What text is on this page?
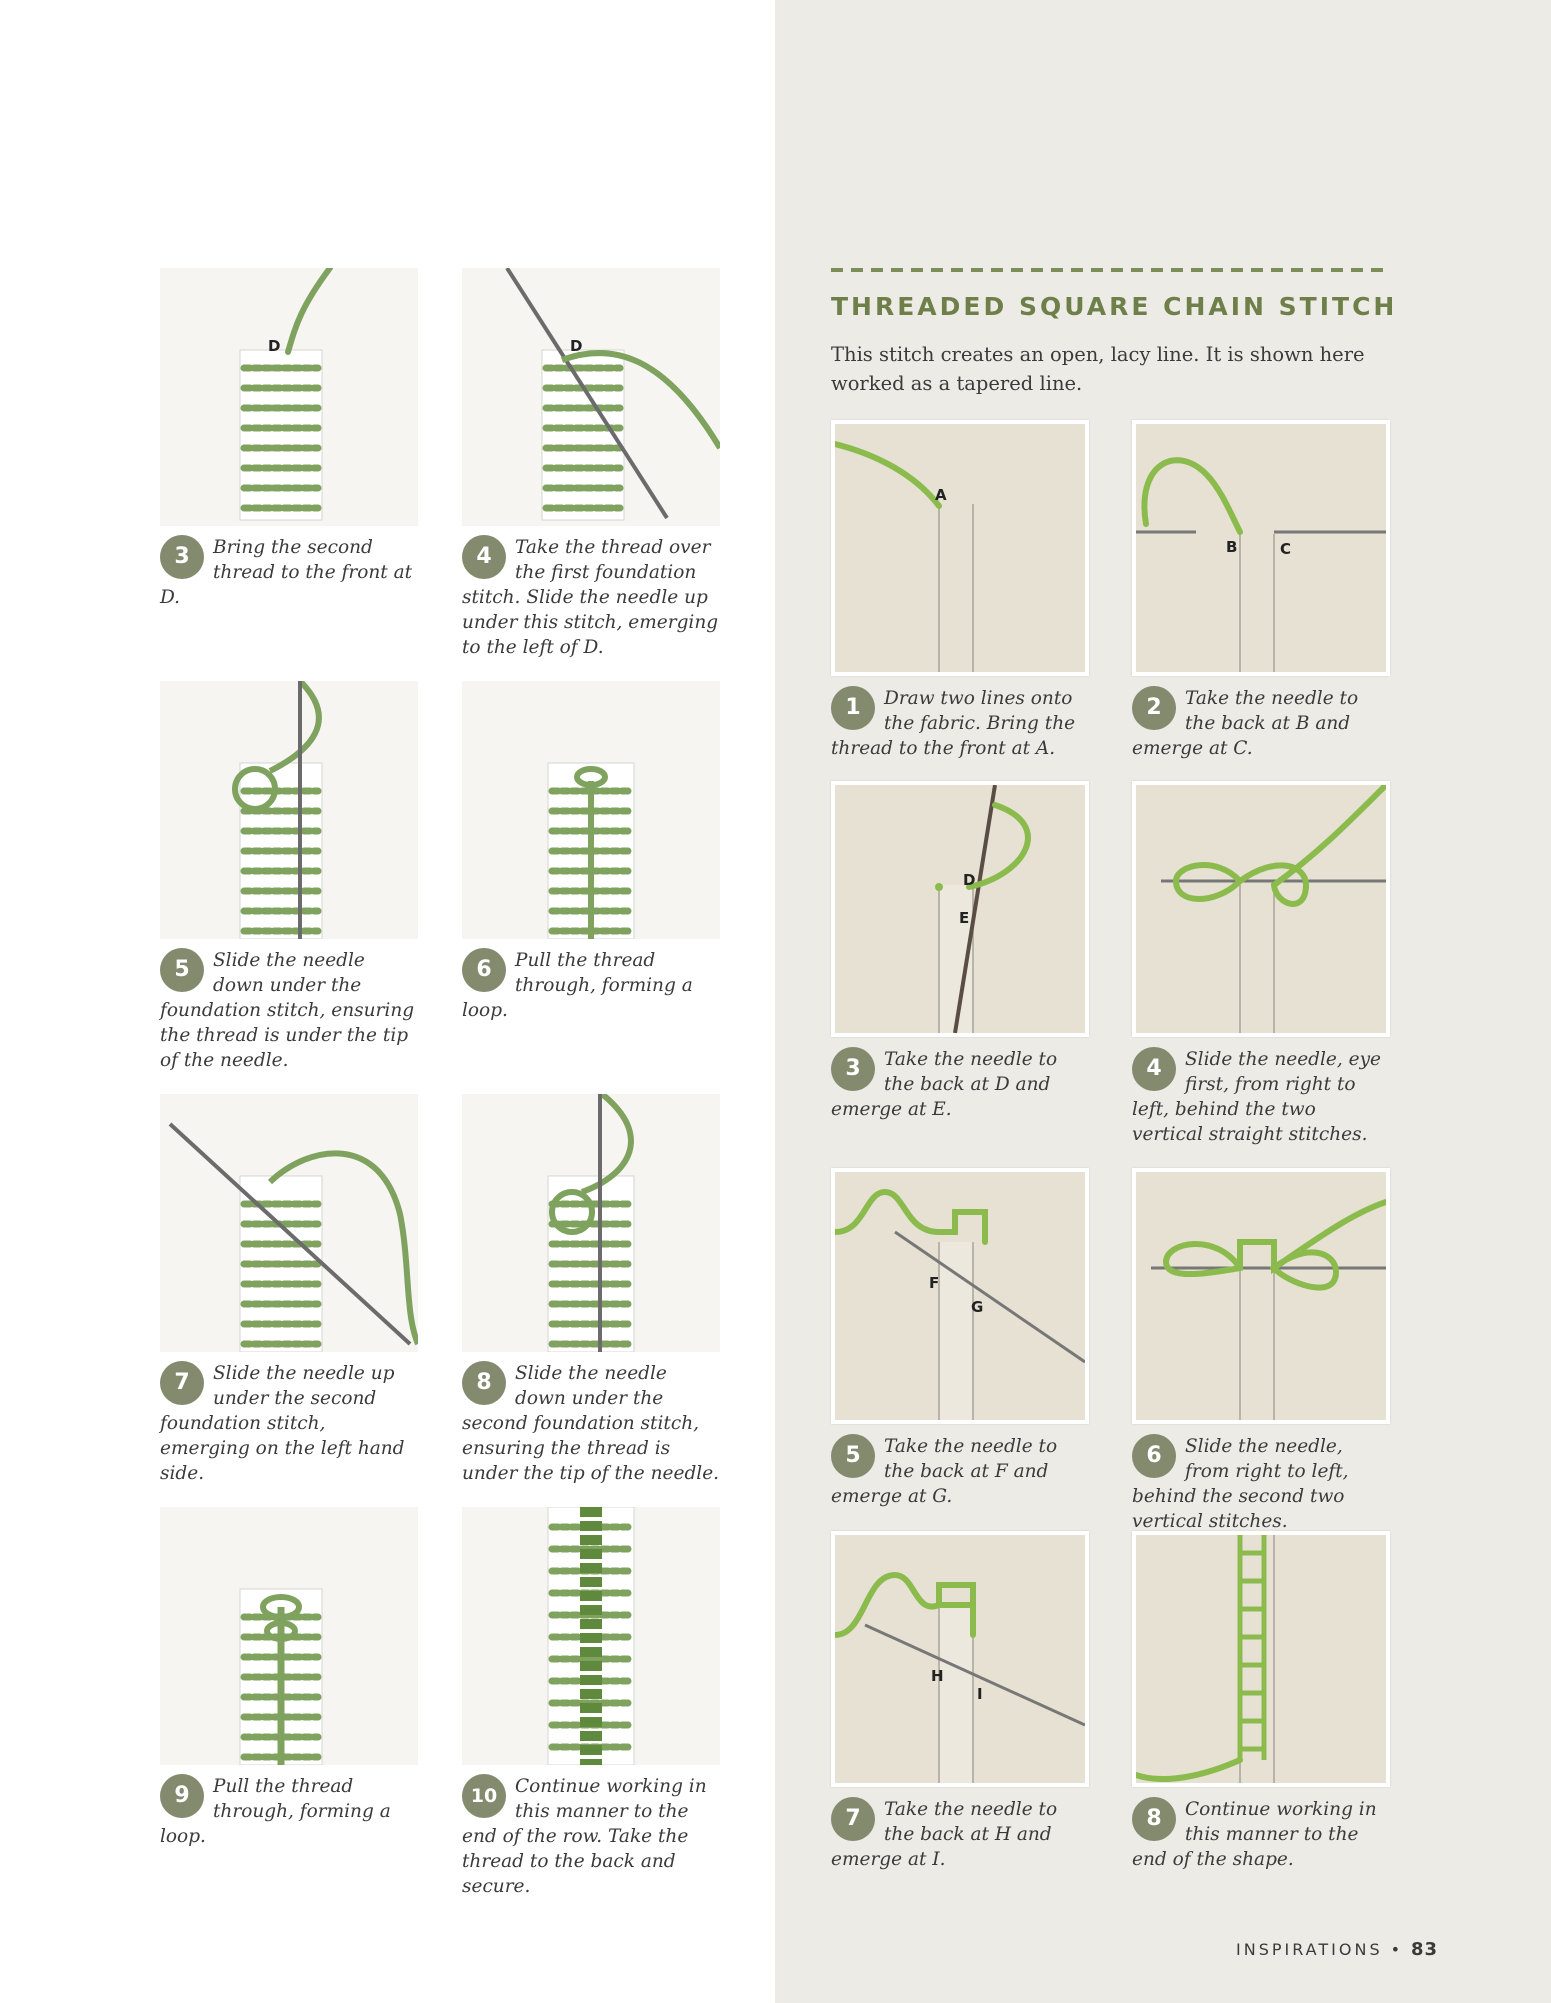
THREADED SQUARE CHAIN STITCH

This stitch creates an open, lacy line. It is shown here worked as a tapered line.

D	D
3	Bring the second thread to the front at D.
4	Take the thread over the first foundation stitch. Slide the needle up under this stitch, emerging to the left of D.
5	Slide the needle down under the foundation stitch, ensuring the thread is under the tip of the needle.
6	Pull the thread through, forming a loop.
7	Slide the needle up under the second foundation stitch, emerging on the left hand side.
8	Slide the needle down under the second foundation stitch, ensuring the thread is under the tip of the needle.
9	Pull the thread through, forming a loop.
10 Continue working in this manner to the end of the row. Take the thread to the back and secure.
A
B	C
D
E
F
G
H
I
1	Draw two lines onto the fabric. Bring the thread to the front at A.
2	Take the needle to the back at B and emerge at C.
3	Take the needle to the back at D and emerge at E.
4	Slide the needle, eye first, from right to left, behind the two vertical straight stitches.
5	Take the needle to the back at F and emerge at G.
6	Slide the needle, from right to left, behind the second two vertical stitches.
7	Take the needle to the back at H and emerge at I.
8	Continue working in this manner to the end of the shape.
INSPIRATIONS • 83
